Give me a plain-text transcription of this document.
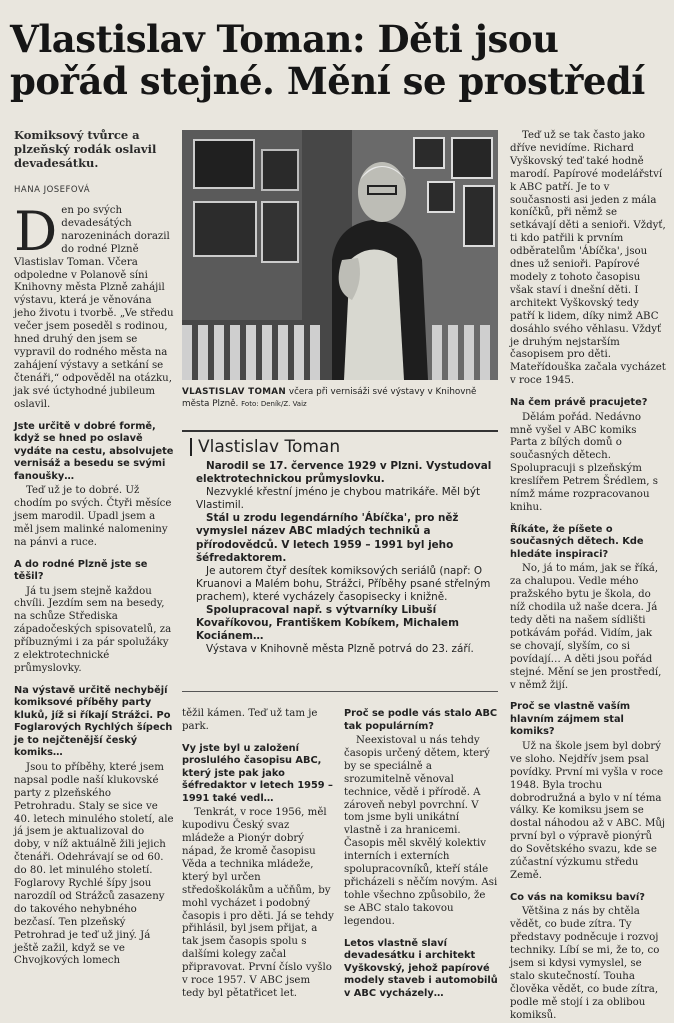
Vlastislav Toman: Děti jsou pořád stejné. Mění se prostředí
Komiksový tvůrce a plzeňský rodák oslavil devadesátku.
HANA JOSEFOVÁ

Den po svých devadesátých narozeninách dorazil do rodné Plzně Vlastislav Toman. Včera odpoledne v Polanově síni Knihovny města Plzně zahájil výstavu, která je věnována jeho životu i tvorbě. „Ve středu večer jsem poseděl s rodinou, hned druhý den jsem se vypravil do rodného města na zahájení výstavy a setkání se čtenáři,“ odpověděl na otázku, jak své úctyhodné jubileum oslavil.

Jste určitě v dobré formě, když se hned po oslavě vydáte na cestu, absolvujete vernisáž a besedu se svými fanoušky…

Teď už je to dobré. Už chodím po svých. Čtyři měsíce jsem marodil. Upadl jsem a měl jsem malinké nalomeniny na pánvi a ruce.

A do rodné Plzně jste se těšil?

Já tu jsem stejně každou chvíli. Jezdím sem na besedy, na schůze Střediska západočeských spisovatelů, za příbuznými i za pár spolužáky z elektrotechnické průmyslovky.

Na výstavě určitě nechybějí komiksové příběhy party kluků, jíž si říkají Strážci. Po Foglarových Rychlých šípech je to nejčtenější český komiks…

Jsou to příběhy, které jsem napsal podle naší klukovské party z plzeňského Petrohradu. Staly se sice ve 40. letech minulého století, ale já jsem je aktualizoval do doby, v níž aktuálně žili jejich čtenáři. Odehrávají se od 60. do 80. let minulého století. Foglarovy Rychlé šípy jsou narozdíl od Strážců zasazeny do takového nehybného bezčasí. Ten plzeňský Petrohrad je teď už jiný. Já ještě zažil, když se ve Chvojkových lomech

VLASTISLAV TOMAN včera při vernisáži své výstavy v Knihovně města Plzně. Foto: Deník/Z. Vaiz
Vlastislav Toman

Narodil se 17. července 1929 v Plzni. Vystudoval elektrotechnickou průmyslovku.

Nezvyklé křestní jméno je chybou matrikáře. Měl být Vlastimil.

Stál u zrodu legendárního 'Ábíčka', pro něž vymyslel název ABC mladých techniků a přírodovědců. V letech 1959 – 1991 byl jeho šéfredaktorem.

Je autorem čtyř desítek komiksových seriálů (např: O Kruanovi a Malém bohu, Strážci, Příběhy psané střelným prachem), které vycházely časopisecky i knižně.

Spolupracoval např. s výtvarníky Libuší Kovaříkovou, Františkem Kobíkem, Michalem Kociánem…

Výstava v Knihovně města Plzně potrvá do 23. září.

těžil kámen. Teď už tam je park.

Vy jste byl u založení proslulého časopisu ABC, který jste pak jako šéfredaktor v letech 1959 – 1991 také vedl…

Tenkrát, v roce 1956, měl kupodivu Český svaz mládeže a Pionýr dobrý nápad, že kromě časopisu Věda a technika mládeže, který byl určen středoškolákům a učňům, by mohl vycházet i podobný časopis i pro děti. Já se tehdy přihlásil, byl jsem přijat, a tak jsem časopis spolu s dalšími kolegy začal připravovat. První číslo vyšlo v roce 1957. V ABC jsem tedy byl pětatřicet let.

Proč se podle vás stalo ABC tak populárním?

Neexistoval u nás tehdy časopis určený dětem, který by se speciálně a srozumitelně věnoval technice, vědě i přírodě. A zároveň nebyl povrchní. V tom jsme byli unikátní vlastně i za hranicemi. Časopis měl skvělý kolektiv interních i externích spolupracovníků, kteří stále přicházeli s něčím novým. Asi tohle všechno způsobilo, že se ABC stalo takovou legendou.

Letos vlastně slaví devadesátku i architekt Vyškovský, jehož papírové modely staveb i automobilů v ABC vycházely…

Teď už se tak často jako dříve nevidíme. Richard Vyškovský teď také hodně marodí. Papírové modelářství k ABC patří. Je to v současnosti asi jeden z mála koníčků, při němž se setkávají děti a senioři. Vždyť, ti kdo patřili k prvním odběratelům 'Ábíčka', jsou dnes už senioři. Papírové modely z tohoto časopisu však staví i dnešní děti. I architekt Vyškovský tedy patří k lidem, díky nimž ABC dosáhlo svého věhlasu. Vždyť je druhým nejstarším časopisem pro děti. Mateřídouška začala vycházet v roce 1945.

Na čem právě pracujete?

Dělám pořád. Nedávno mně vyšel v ABC komiks Parta z bílých domů o současných dětech. Spolupracuji s plzeňským kreslířem Petrem Šrédlem, s nímž máme rozpracovanou knihu.

Říkáte, že píšete o současných dětech. Kde hledáte inspiraci?

No, já to mám, jak se říká, za chalupou. Vedle mého pražského bytu je škola, do níž chodila už naše dcera. Já tedy děti na našem sídlišti potkávám pořád. Vidím, jak se chovají, slyším, co si povídají… A děti jsou pořád stejné. Mění se jen prostředí, v němž žijí.

Proč se vlastně vaším hlavním zájmem stal komiks?

Už na škole jsem byl dobrý ve sloho. Nejdřív jsem psal povídky. První mi vyšla v roce 1948. Byla trochu dobrodružná a bylo v ní téma války. Ke komiksu jsem se dostal náhodou až v ABC. Můj první byl o výpravě pionýrů do Sovětského svazu, kde se zúčastní výzkumu středu Země.

Co vás na komiksu baví?

Většina z nás by chtěla vědět, co bude zítra. Ty představy podněcuje i rozvoj techniky. Líbí se mi, že to, co jsem si kdysi vymyslel, se stalo skutečností. Touha člověka vědět, co bude zítra, podle mě stojí i za oblibou komiksů.
